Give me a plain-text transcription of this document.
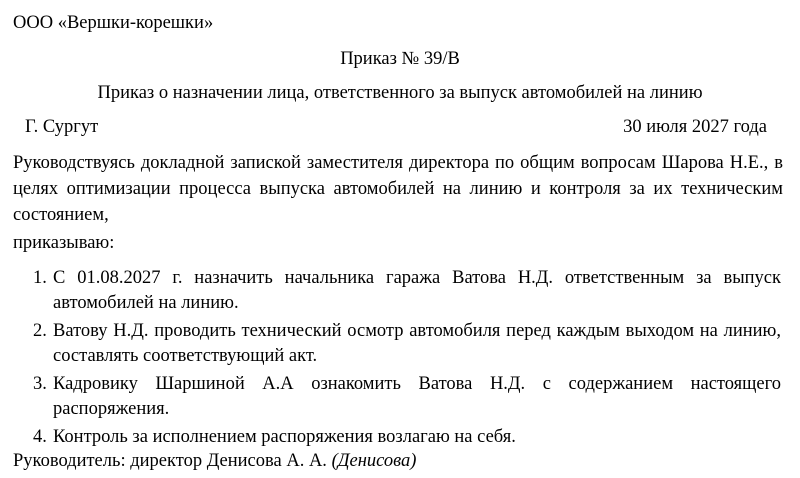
ООО «Вершки-корешки»
Приказ № 39/В
Приказ о назначении лица, ответственного за выпуск автомобилей на линию
Г. Сургут	30 июля 2027 года
Руководствуясь докладной запиской заместителя директора по общим вопросам Шарова Н.Е., в целях оптимизации процесса выпуска автомобилей на линию и контроля за их техническим состоянием,
приказываю:
1. С 01.08.2027 г. назначить начальника гаража Ватова Н.Д. ответственным за выпуск автомобилей на линию.
2. Ватову Н.Д. проводить технический осмотр автомобиля перед каждым выходом на линию, составлять соответствующий акт.
3. Кадровику Шаршиной А.А ознакомить Ватова Н.Д. с содержанием настоящего распоряжения.
4. Контроль за исполнением распоряжения возлагаю на себя.
Руководитель: директор Денисова А. А. (Денисова)
